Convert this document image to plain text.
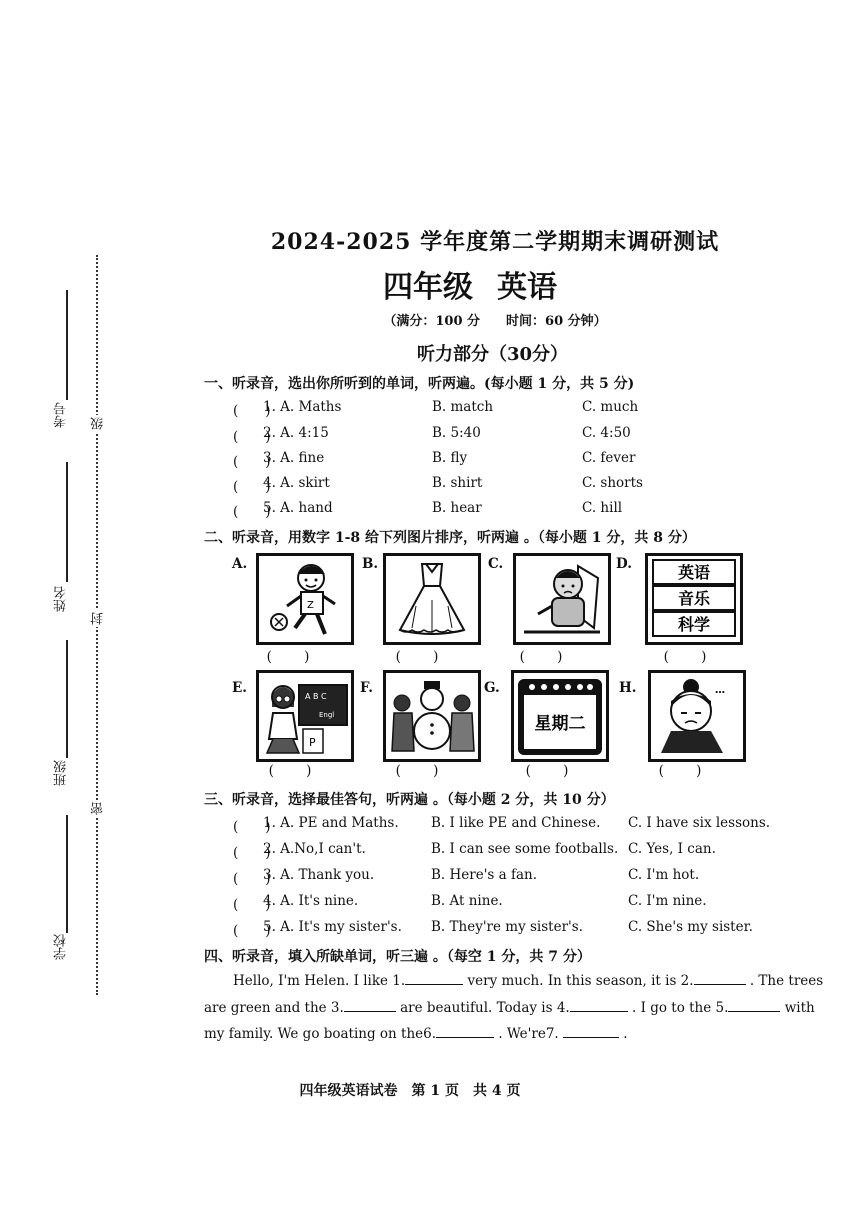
考号
姓名
班级
学校
级
封
密
2024-2025 学年度第二学期期末调研测试
四年级 英语
（满分：100 分　　时间：60 分钟）
听力部分（30分）
一、听录音，选出你所听到的单词，听两遍。(每小题 1 分，共 5 分)
(　　)
1. A. Maths	B. match	C. much
(　　)
2. A. 4:15	B. 5:40	C. 4:50
(　　)
3. A. fine	B. fly	C. fever
(　　)
4. A. skirt	B. shirt	C. shorts
(　　)
5. A. hand	B. hear	C. hill
二、听录音，用数字 1-8 给下列图片排序，听两遍 。（每小题 1 分，共 8 分）
A.
Z
( )
B.
( )
C.
( )
D.	英语
音乐
科学
( )
E.
A B C
Engl
P
( )
F.
( )
G.
星期二
( )
H.	…
( )
三、听录音，选择最佳答句，听两遍 。（每小题 2 分，共 10 分）
(　　)
1. A. PE and Maths. B. I like PE and Chinese. C. I have six lessons.
(　　)
2. A.No,I can't.	B. I can see some footballs. C. Yes, I can.
(　　)
3. A. Thank you.	B. Here's a fan.	C. I'm hot.
(　　)
4. A. It's nine.	B. At nine.	C. I'm nine.
(　　)
5. A. It's my sister's. B. They're my sister's.	C. She's my sister.
四、听录音，填入所缺单词，听三遍 。（每空 1 分，共 7 分）
Hello, I'm Helen. I like 1.	very much. In this season, it is 2.	. The trees
are green and the 3.	are beautiful. Today is 4.	. I go to the 5.	with
my family. We go boating on the6.	. We're7.	.
四年级英语试卷　第 1 页　共 4 页
